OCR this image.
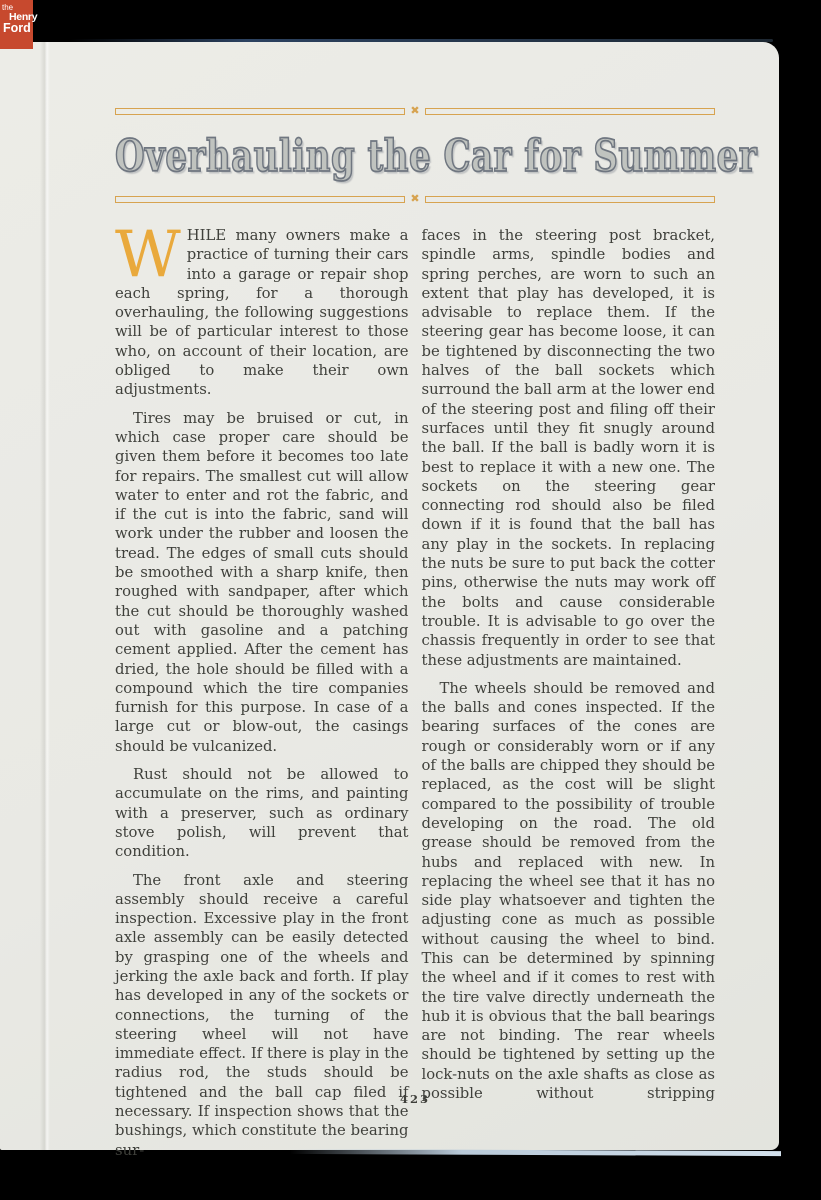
✖
Overhauling the Car for Summer
✖

WHILE many owners make a practice of turning their cars into a garage or repair shop each spring, for a thorough overhauling, the following suggestions will be of particular interest to those who, on account of their location, are obliged to make their own adjustments.

Tires may be bruised or cut, in which case proper care should be given them before it becomes too late for repairs. The smallest cut will allow water to enter and rot the fabric, and if the cut is into the fabric, sand will work under the rubber and loosen the tread. The edges of small cuts should be smoothed with a sharp knife, then roughed with sandpaper, after which the cut should be thoroughly washed out with gasoline and a patching cement applied. After the cement has dried, the hole should be filled with a compound which the tire companies furnish for this purpose. In case of a large cut or blow-out, the casings should be vulcanized.

Rust should not be allowed to accumulate on the rims, and painting with a preserver, such as ordinary stove polish, will prevent that condition.

The front axle and steering assembly should receive a careful inspection. Excessive play in the front axle assembly can be easily detected by grasping one of the wheels and jerking the axle back and forth. If play has developed in any of the sockets or connections, the turning of the steering wheel will not have immediate effect. If there is play in the radius rod, the studs should be tightened and the ball cap filed if necessary. If inspection shows that the bushings, which constitute the bearing sur-

faces in the steering post bracket, spindle arms, spindle bodies and spring perches, are worn to such an extent that play has developed, it is advisable to replace them. If the steering gear has become loose, it can be tightened by disconnecting the two halves of the ball sockets which surround the ball arm at the lower end of the steering post and filing off their surfaces until they fit snugly around the ball. If the ball is badly worn it is best to replace it with a new one. The sockets on the steering gear connecting rod should also be filed down if it is found that the ball has any play in the sockets. In replacing the nuts be sure to put back the cotter pins, otherwise the nuts may work off the bolts and cause considerable trouble. It is advisable to go over the chassis frequently in order to see that these adjustments are maintained.

The wheels should be removed and the balls and cones inspected. If the bearing surfaces of the cones are rough or considerably worn or if any of the balls are chipped they should be replaced, as the cost will be slight compared to the possibility of trouble developing on the road. The old grease should be removed from the hubs and replaced with new. In replacing the wheel see that it has no side play whatsoever and tighten the adjusting cone as much as possible without causing the wheel to bind. This can be determined by spinning the wheel and if it comes to rest with the tire valve directly underneath the hub it is obvious that the ball bearings are not binding. The rear wheels should be tightened by setting up the lock-nuts on the axle shafts as close as possible without stripping

423
the
Henry
Ford
